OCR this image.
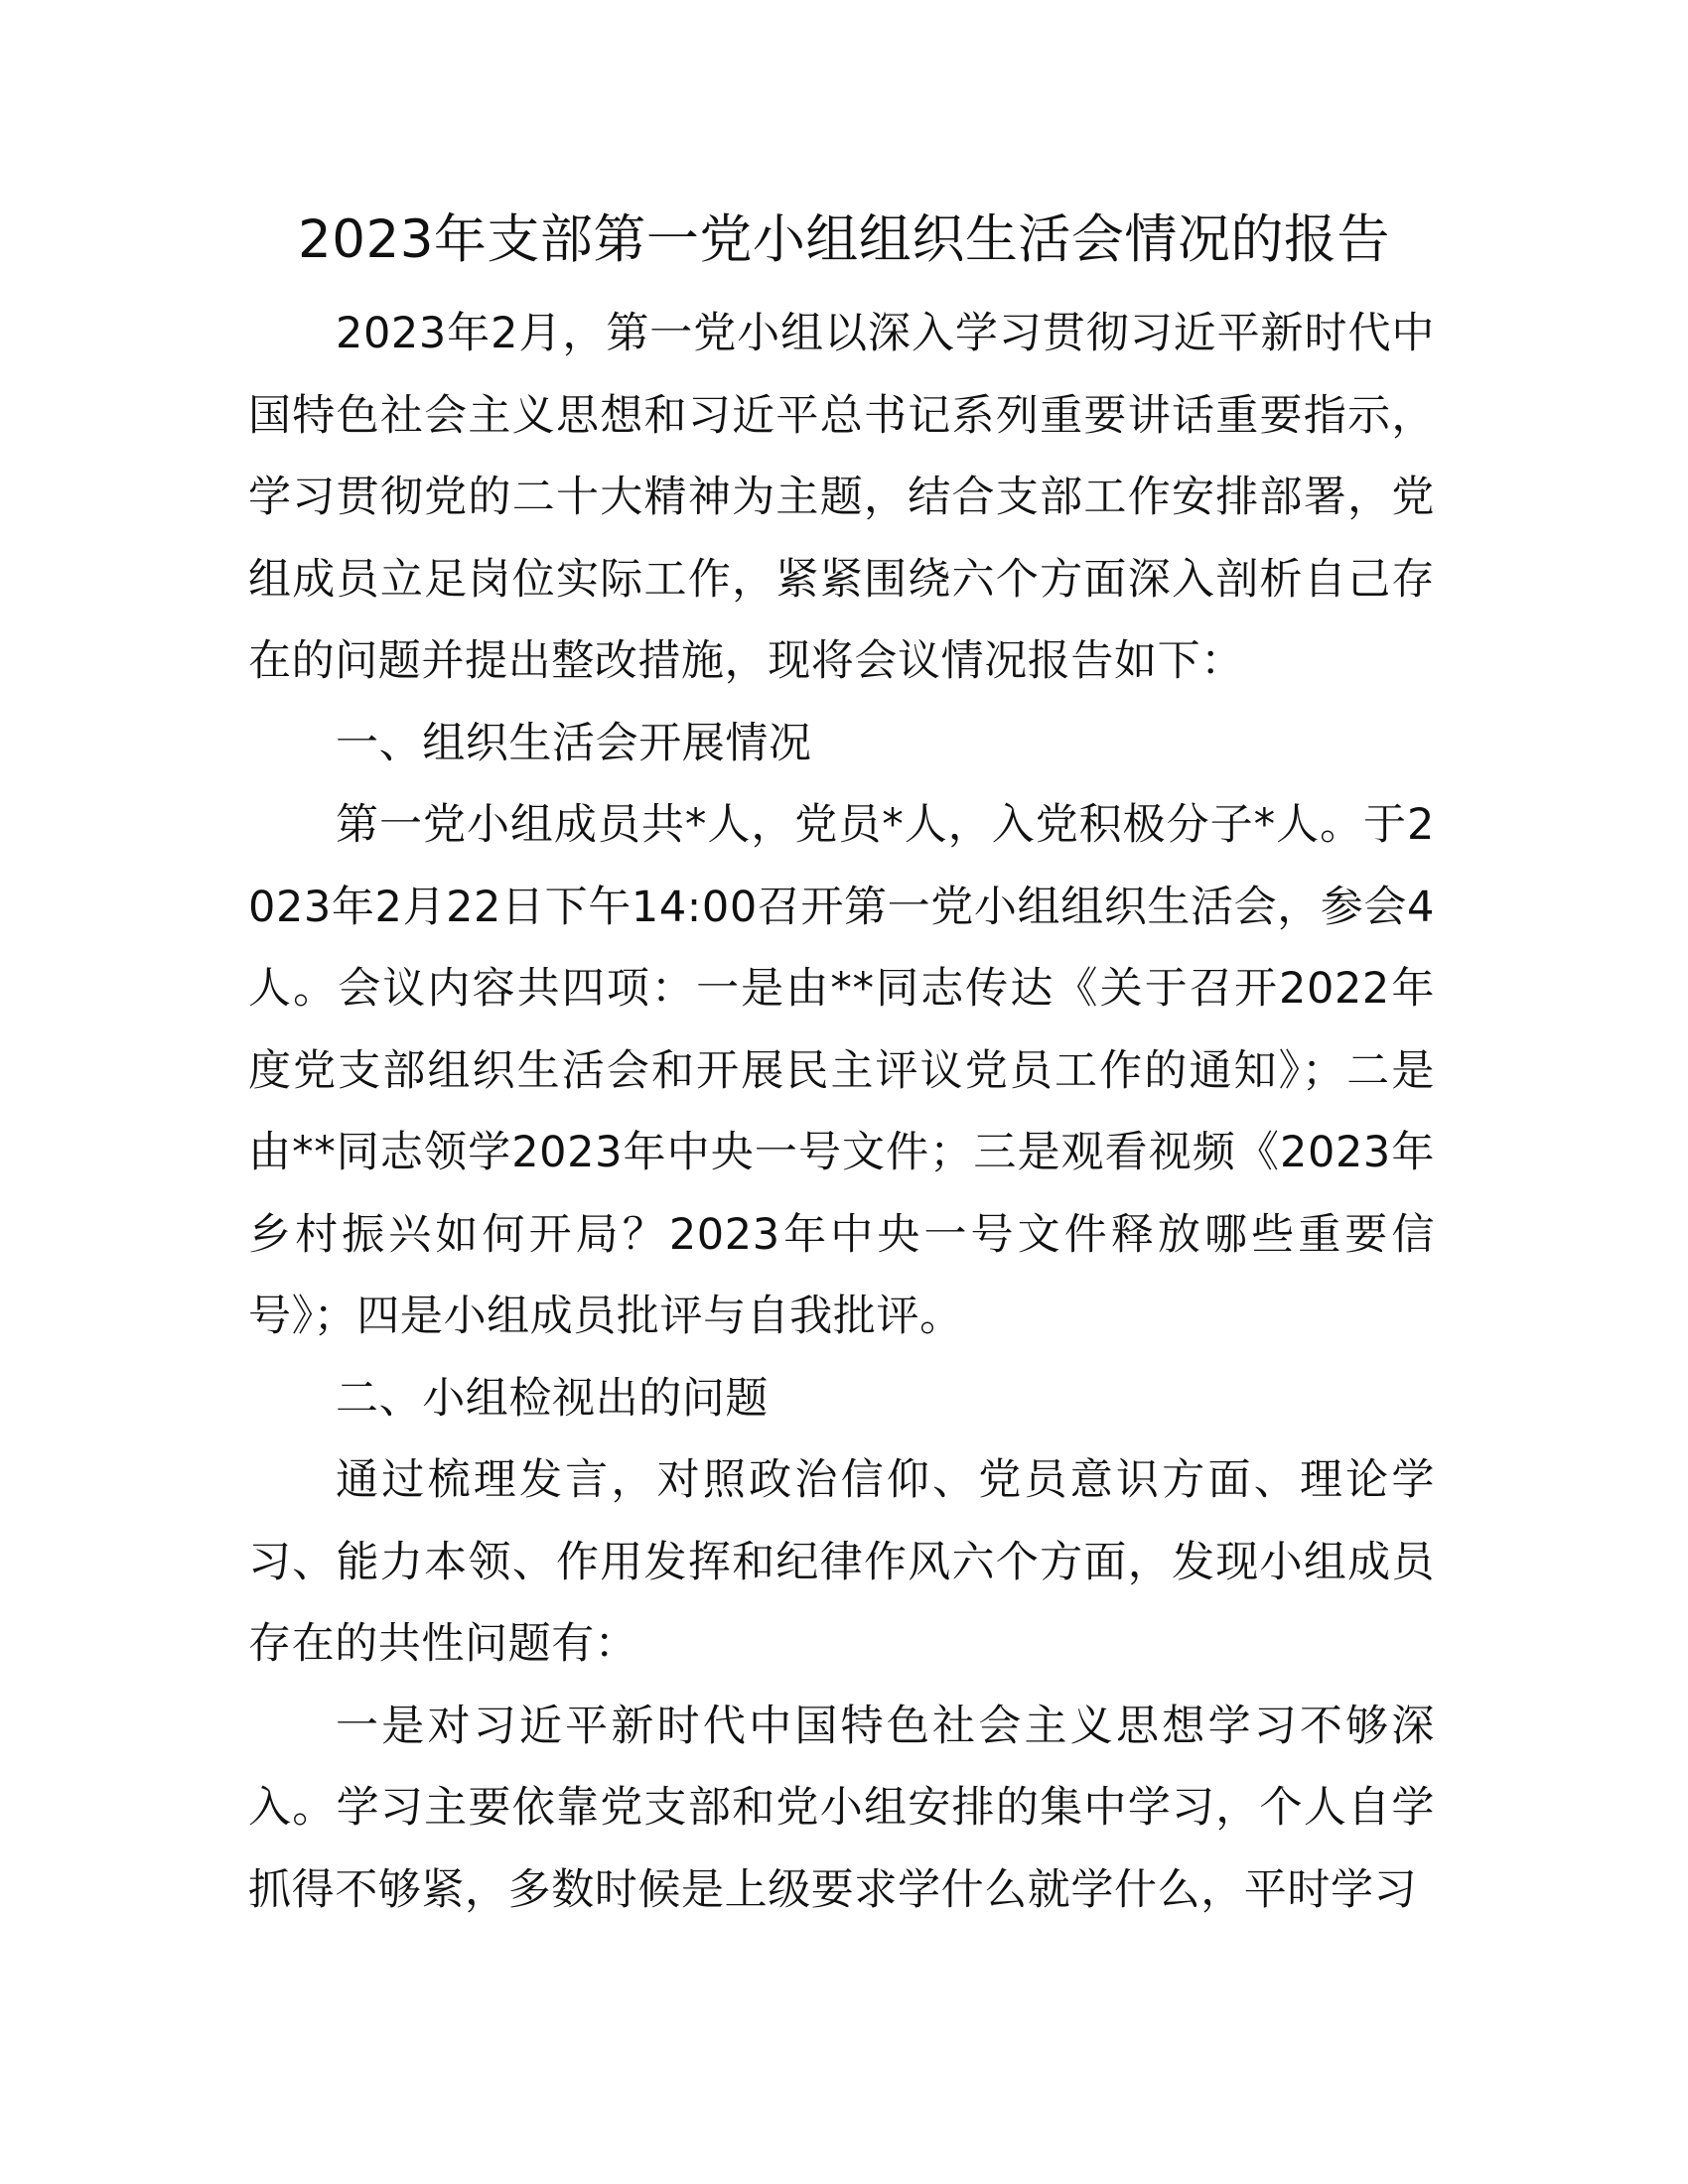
2023年支部第一党小组组织生活会情况的报告

2023年2月，第一党小组以深入学习贯彻习近平新时代中国特色社会主义思想和习近平总书记系列重要讲话重要指示，学习贯彻党的二十大精神为主题，结合支部工作安排部署，党组成员立足岗位实际工作，紧紧围绕六个方面深入剖析自己存在的问题并提出整改措施，现将会议情况报告如下：

一、组织生活会开展情况

第一党小组成员共*人，党员*人，入党积极分子*人。于2023年2月22日下午14:00召开第一党小组组织生活会，参会4人。会议内容共四项：一是由**同志传达《关于召开2022年度党支部组织生活会和开展民主评议党员工作的通知》；二是由**同志领学2023年中央一号文件；三是观看视频《2023年乡村振兴如何开局？2023年中央一号文件释放哪些重要信号》；四是小组成员批评与自我批评。

二、小组检视出的问题

通过梳理发言，对照政治信仰、党员意识方面、理论学习、能力本领、作用发挥和纪律作风六个方面，发现小组成员存在的共性问题有：

一是对习近平新时代中国特色社会主义思想学习不够深入。学习主要依靠党支部和党小组安排的集中学习，个人自学抓得不够紧，多数时候是上级要求学什么就学什么，平时学习
